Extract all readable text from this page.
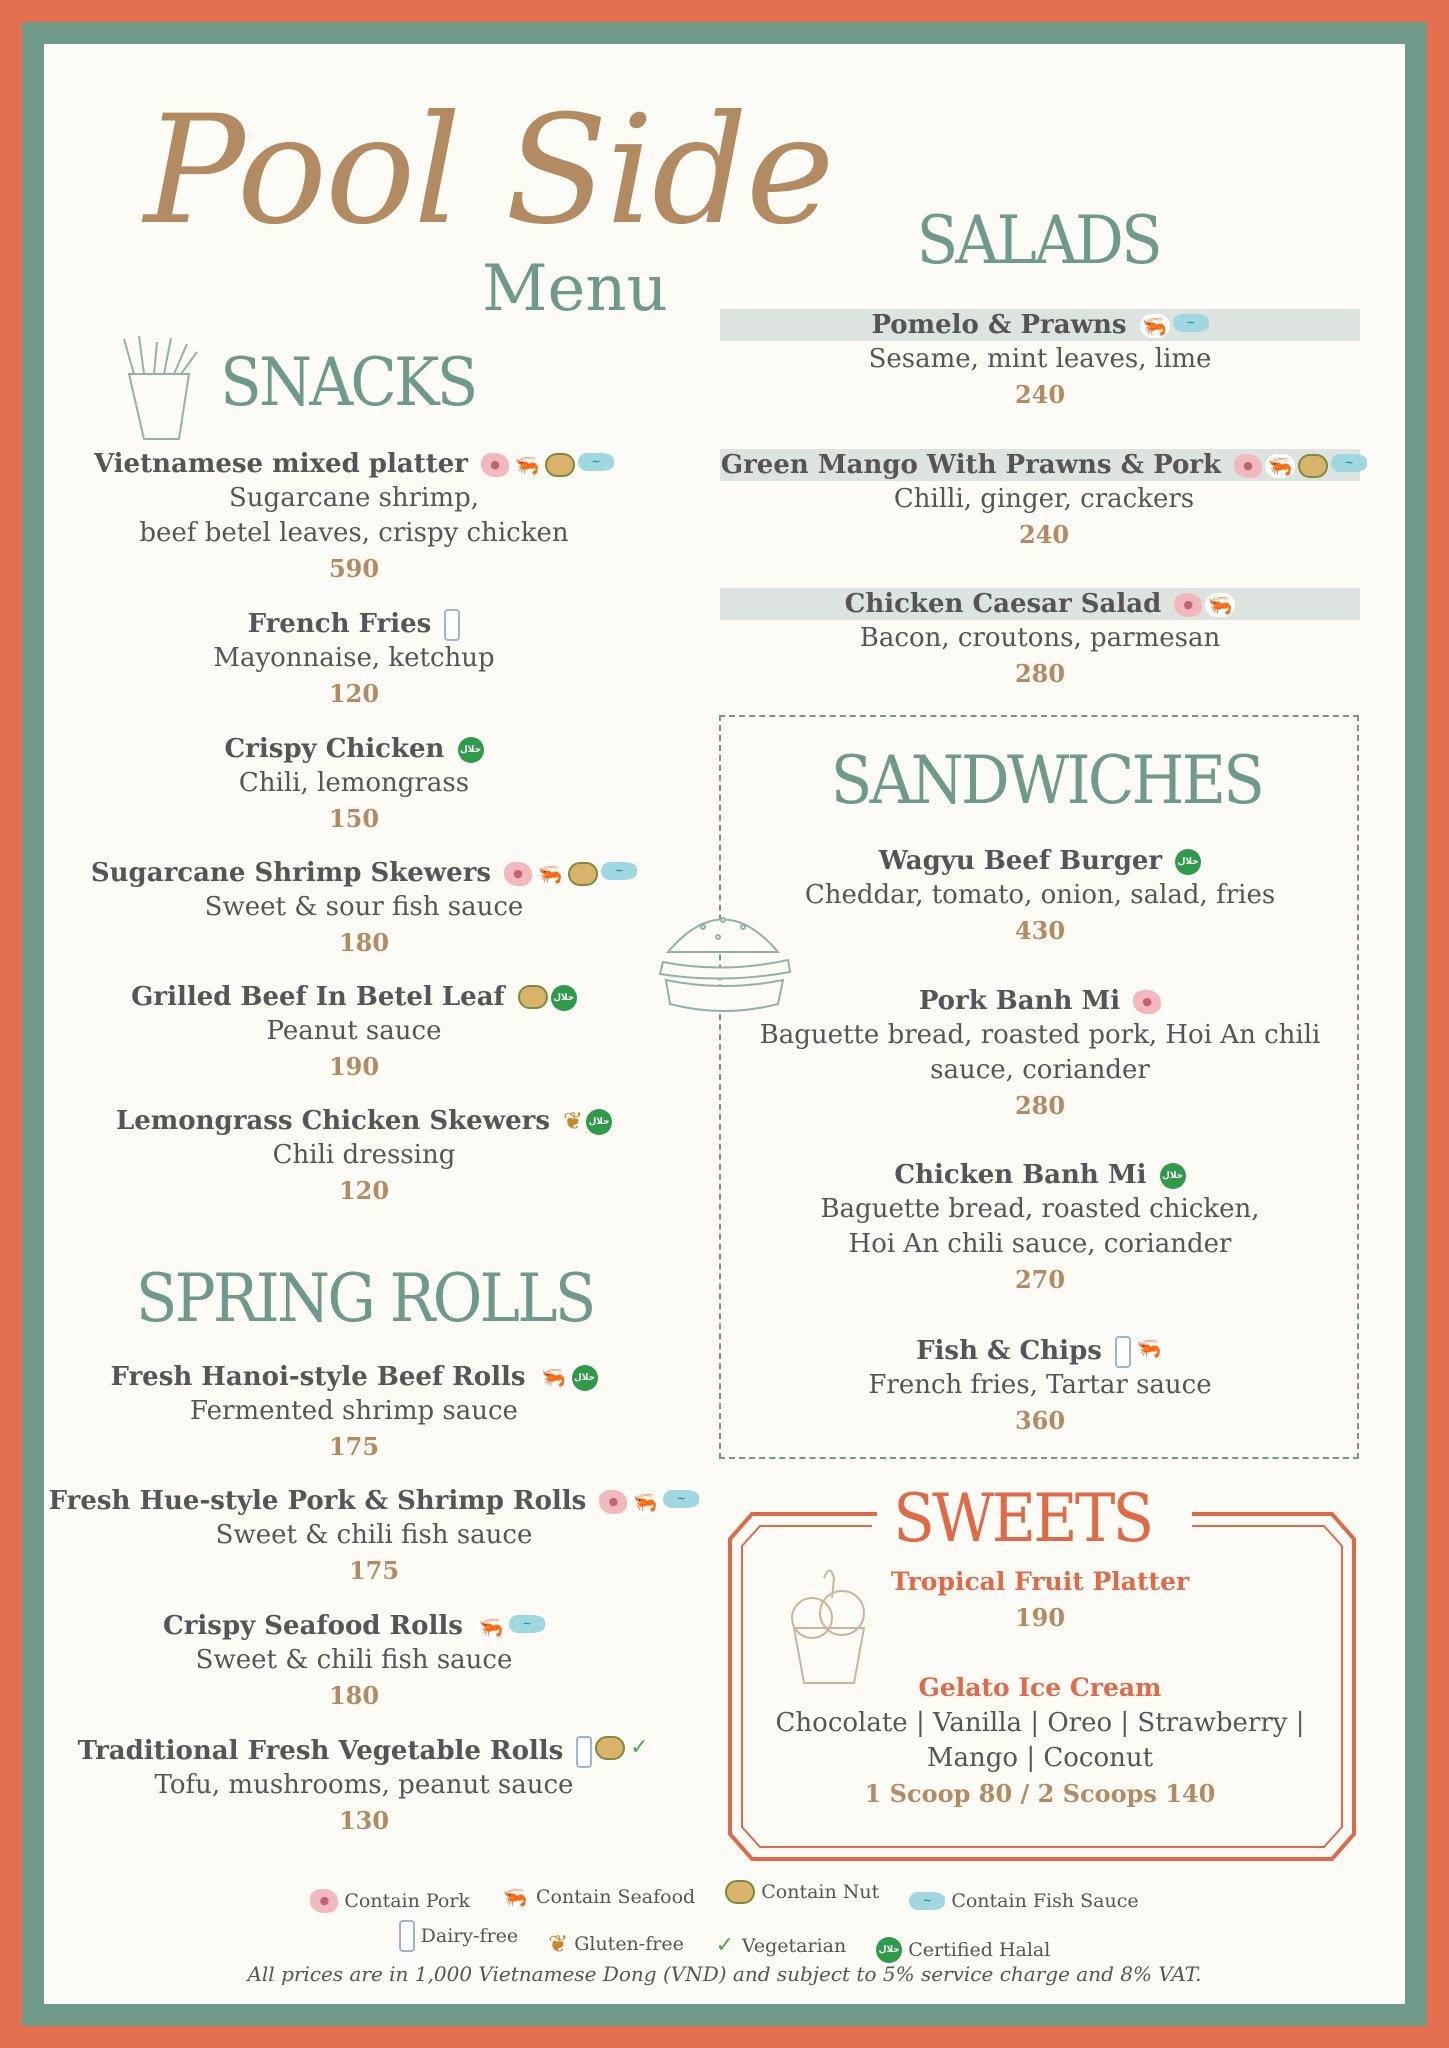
Pool Side
Menu
SNACKS
Vietnamese mixed platter	● 🦐	~
Sugarcane shrimp,
beef betel leaves, crispy chicken
590
French Fries
Mayonnaise, ketchup
120
Crispy Chicken حلال
Chili, lemongrass
150
Sugarcane Shrimp Skewers	● 🦐	~
Sweet & sour fish sauce
180
Grilled Beef In Betel Leaf	حلال
Peanut sauce
190
Lemongrass Chicken Skewers ❦ حلال
Chili dressing
120
SPRING ROLLS
Fresh Hanoi-style Beef Rolls 🦐 حلال
Fermented shrimp sauce
175
Fresh Hue-style Pork & Shrimp Rolls	● 🦐	~
Sweet & chili fish sauce
175
Crispy Seafood Rolls 🦐	~
Sweet & chili fish sauce
180
Traditional Fresh Vegetable Rolls	✓
Tofu, mushrooms, peanut sauce
130
SALADS
Pomelo & Prawns 🦐	~
Sesame, mint leaves, lime
240
Green Mango With Prawns & Pork	● 🦐	~
Chilli, ginger, crackers
240
Chicken Caesar Salad	● 🦐
Bacon, croutons, parmesan
280
SANDWICHES
Wagyu Beef Burger حلال
Cheddar, tomato, onion, salad, fries
430
Pork Banh Mi	●
Baguette bread, roasted pork, Hoi An chili
sauce, coriander
280
Chicken Banh Mi حلال
Baguette bread, roasted chicken,
Hoi An chili sauce, coriander
270
Fish & Chips 🦐
French fries, Tartar sauce
360
SWEETS
Tropical Fruit Platter
190
Gelato Ice Cream
Chocolate | Vanilla | Oreo | Strawberry |
Mango | Coconut
1 Scoop 80 / 2 Scoops 140
● Contain Pork
🦐 Contain Seafood
	Contain Nut
	~	Contain Fish Sauce
Dairy-free
❦ Gluten-free
✓ Vegetarian
	حلال Certified Halal
All prices are in 1,000 Vietnamese Dong (VND) and subject to 5% service charge and 8% VAT.
